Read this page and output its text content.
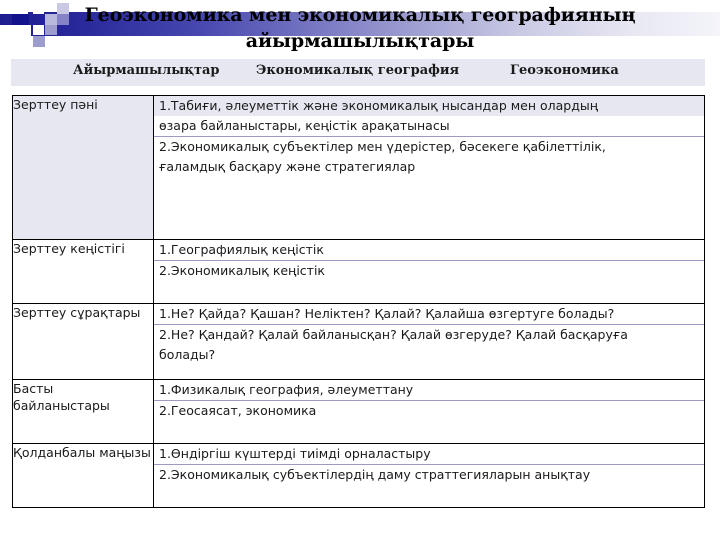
Геоэкономика мен экономикалық географияның
айырмашылықтары
Айырмашылықтар	Экономикалық география	Геоэкономика
Зерттеу пәні	1.Табиғи, әлеуметтік және экономикалық нысандар мен олардың
өзара байланыстары, кеңістік арақатынасы
2.Экономикалық субъектілер мен үдерістер, бәсекеге қабілеттілік,
ғаламдық басқару және стратегиялар

Зерттеу кеңістігі	1.Географиялық кеңістік
2.Экономикалық кеңістік

Зерттеу сұрақтары	1.Не? Қайда? Қашан? Неліктен? Қалай? Қалайша өзгертуге болады?
2.Не? Қандай? Қалай байланысқан? Қалай өзгеруде? Қалай басқаруға
болады?

Басты байланыстары	1.Физикалық география, әлеуметтану
2.Геосаясат, экономика

Қолданбалы маңызы	1.Өндіргіш күштерді тиімді орналастыру
2.Экономикалық субъектілердің даму страттегияларын анықтау
